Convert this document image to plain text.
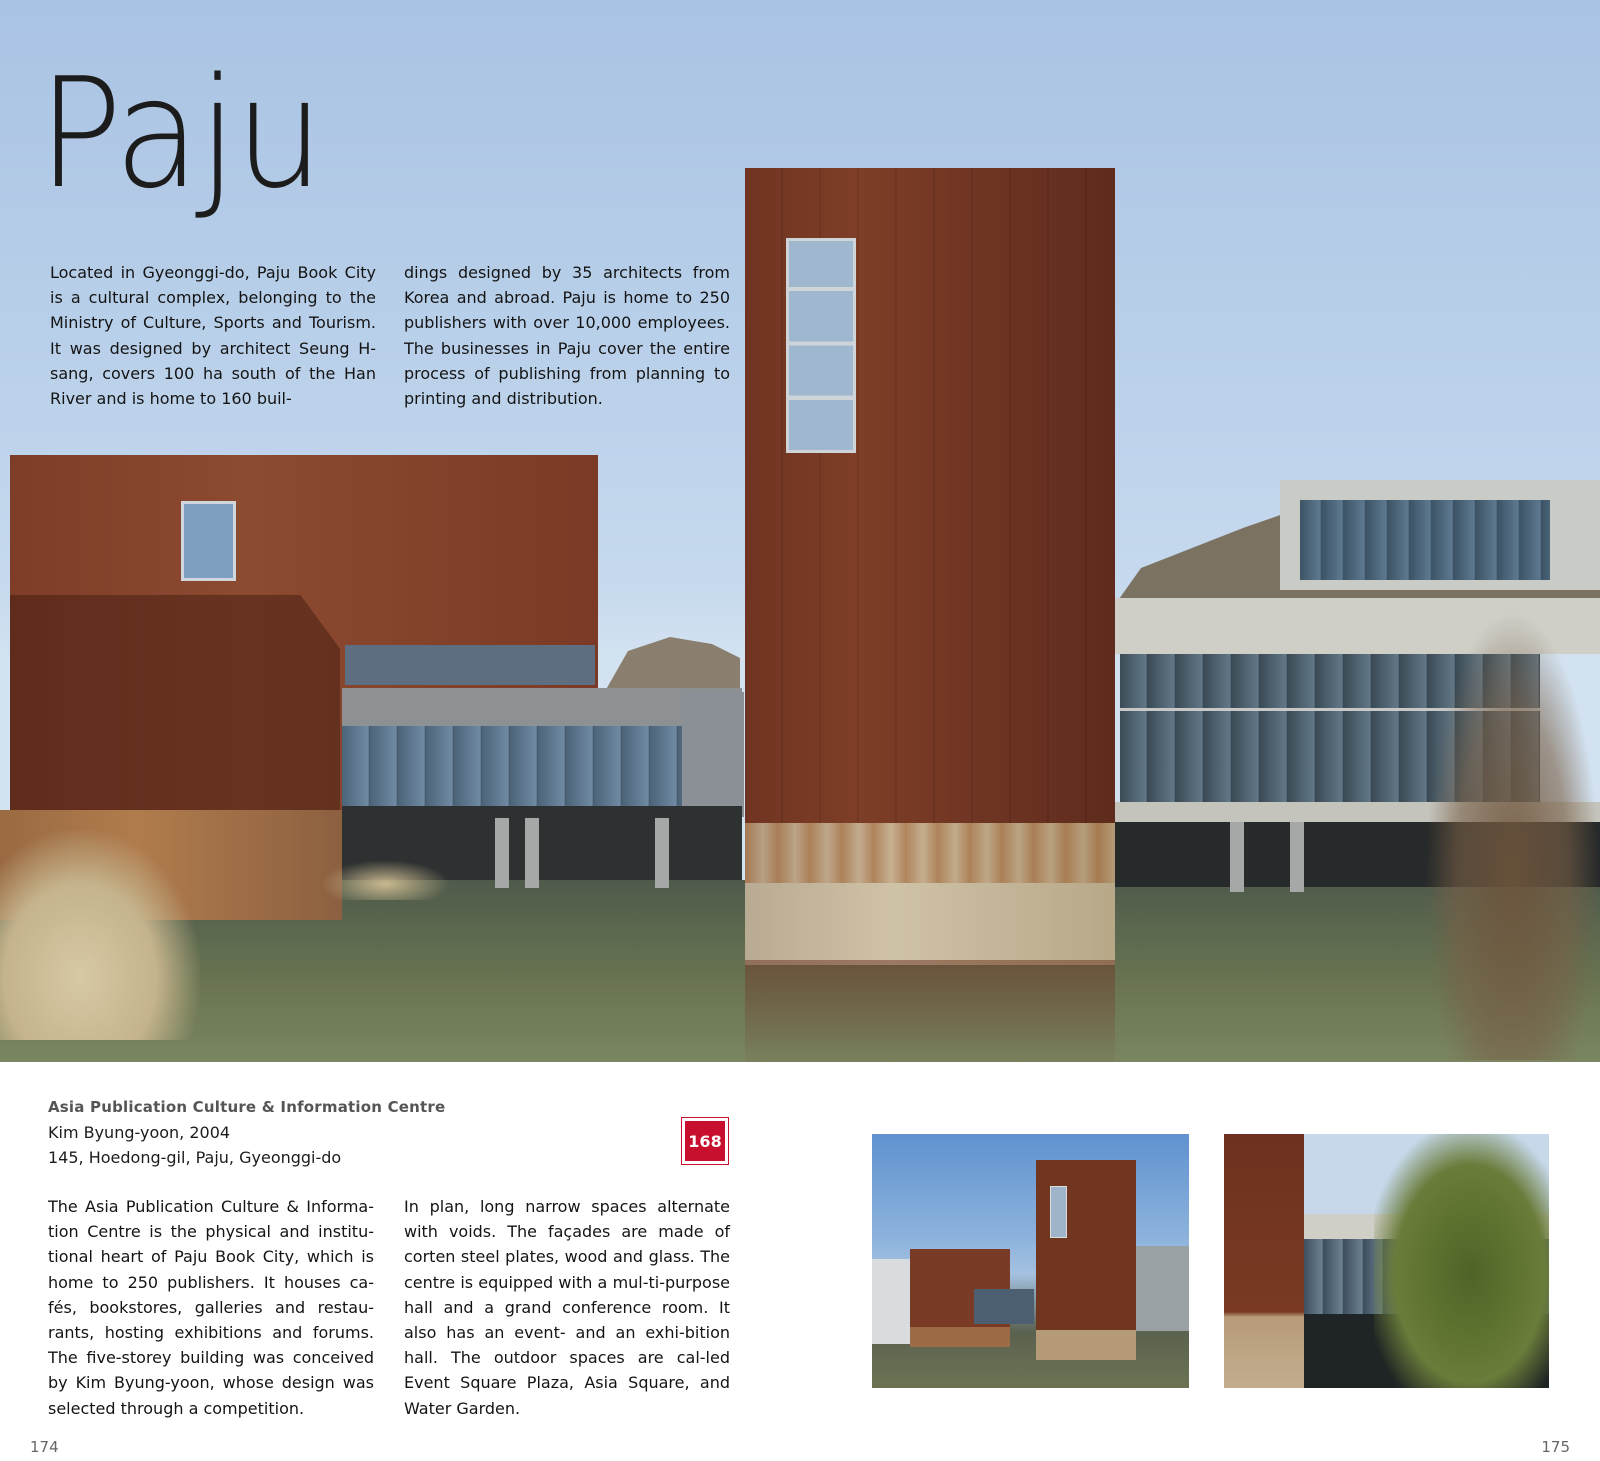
Paju

Located in Gyeonggi-do, Paju Book City is a cultural complex, belonging to the Ministry of Culture, Sports and Tourism. It was designed by architect Seung H-sang, covers 100 ha south of the Han River and is home to 160 buil-

dings designed by 35 architects from Korea and abroad. Paju is home to 250 publishers with over 10,000 employees. The businesses in Paju cover the entire process of publishing from planning to printing and distribution.

Asia Publication Culture & Information Centre
Kim Byung-yoon, 2004
145, Hoedong-gil, Paju, Gyeonggi-do
168

The Asia Publication Culture & Informa-tion Centre is the physical and institu-tional heart of Paju Book City, which is home to 250 publishers. It houses ca-fés, bookstores, galleries and restau-rants, hosting exhibitions and forums. The five-storey building was conceived by Kim Byung-yoon, whose design was selected through a competition.

In plan, long narrow spaces alternate with voids. The façades are made of corten steel plates, wood and glass. The centre is equipped with a mul-ti-purpose hall and a grand conference room. It also has an event- and an exhi-bition hall. The outdoor spaces are cal-led Event Square Plaza, Asia Square, and Water Garden.

174	175
